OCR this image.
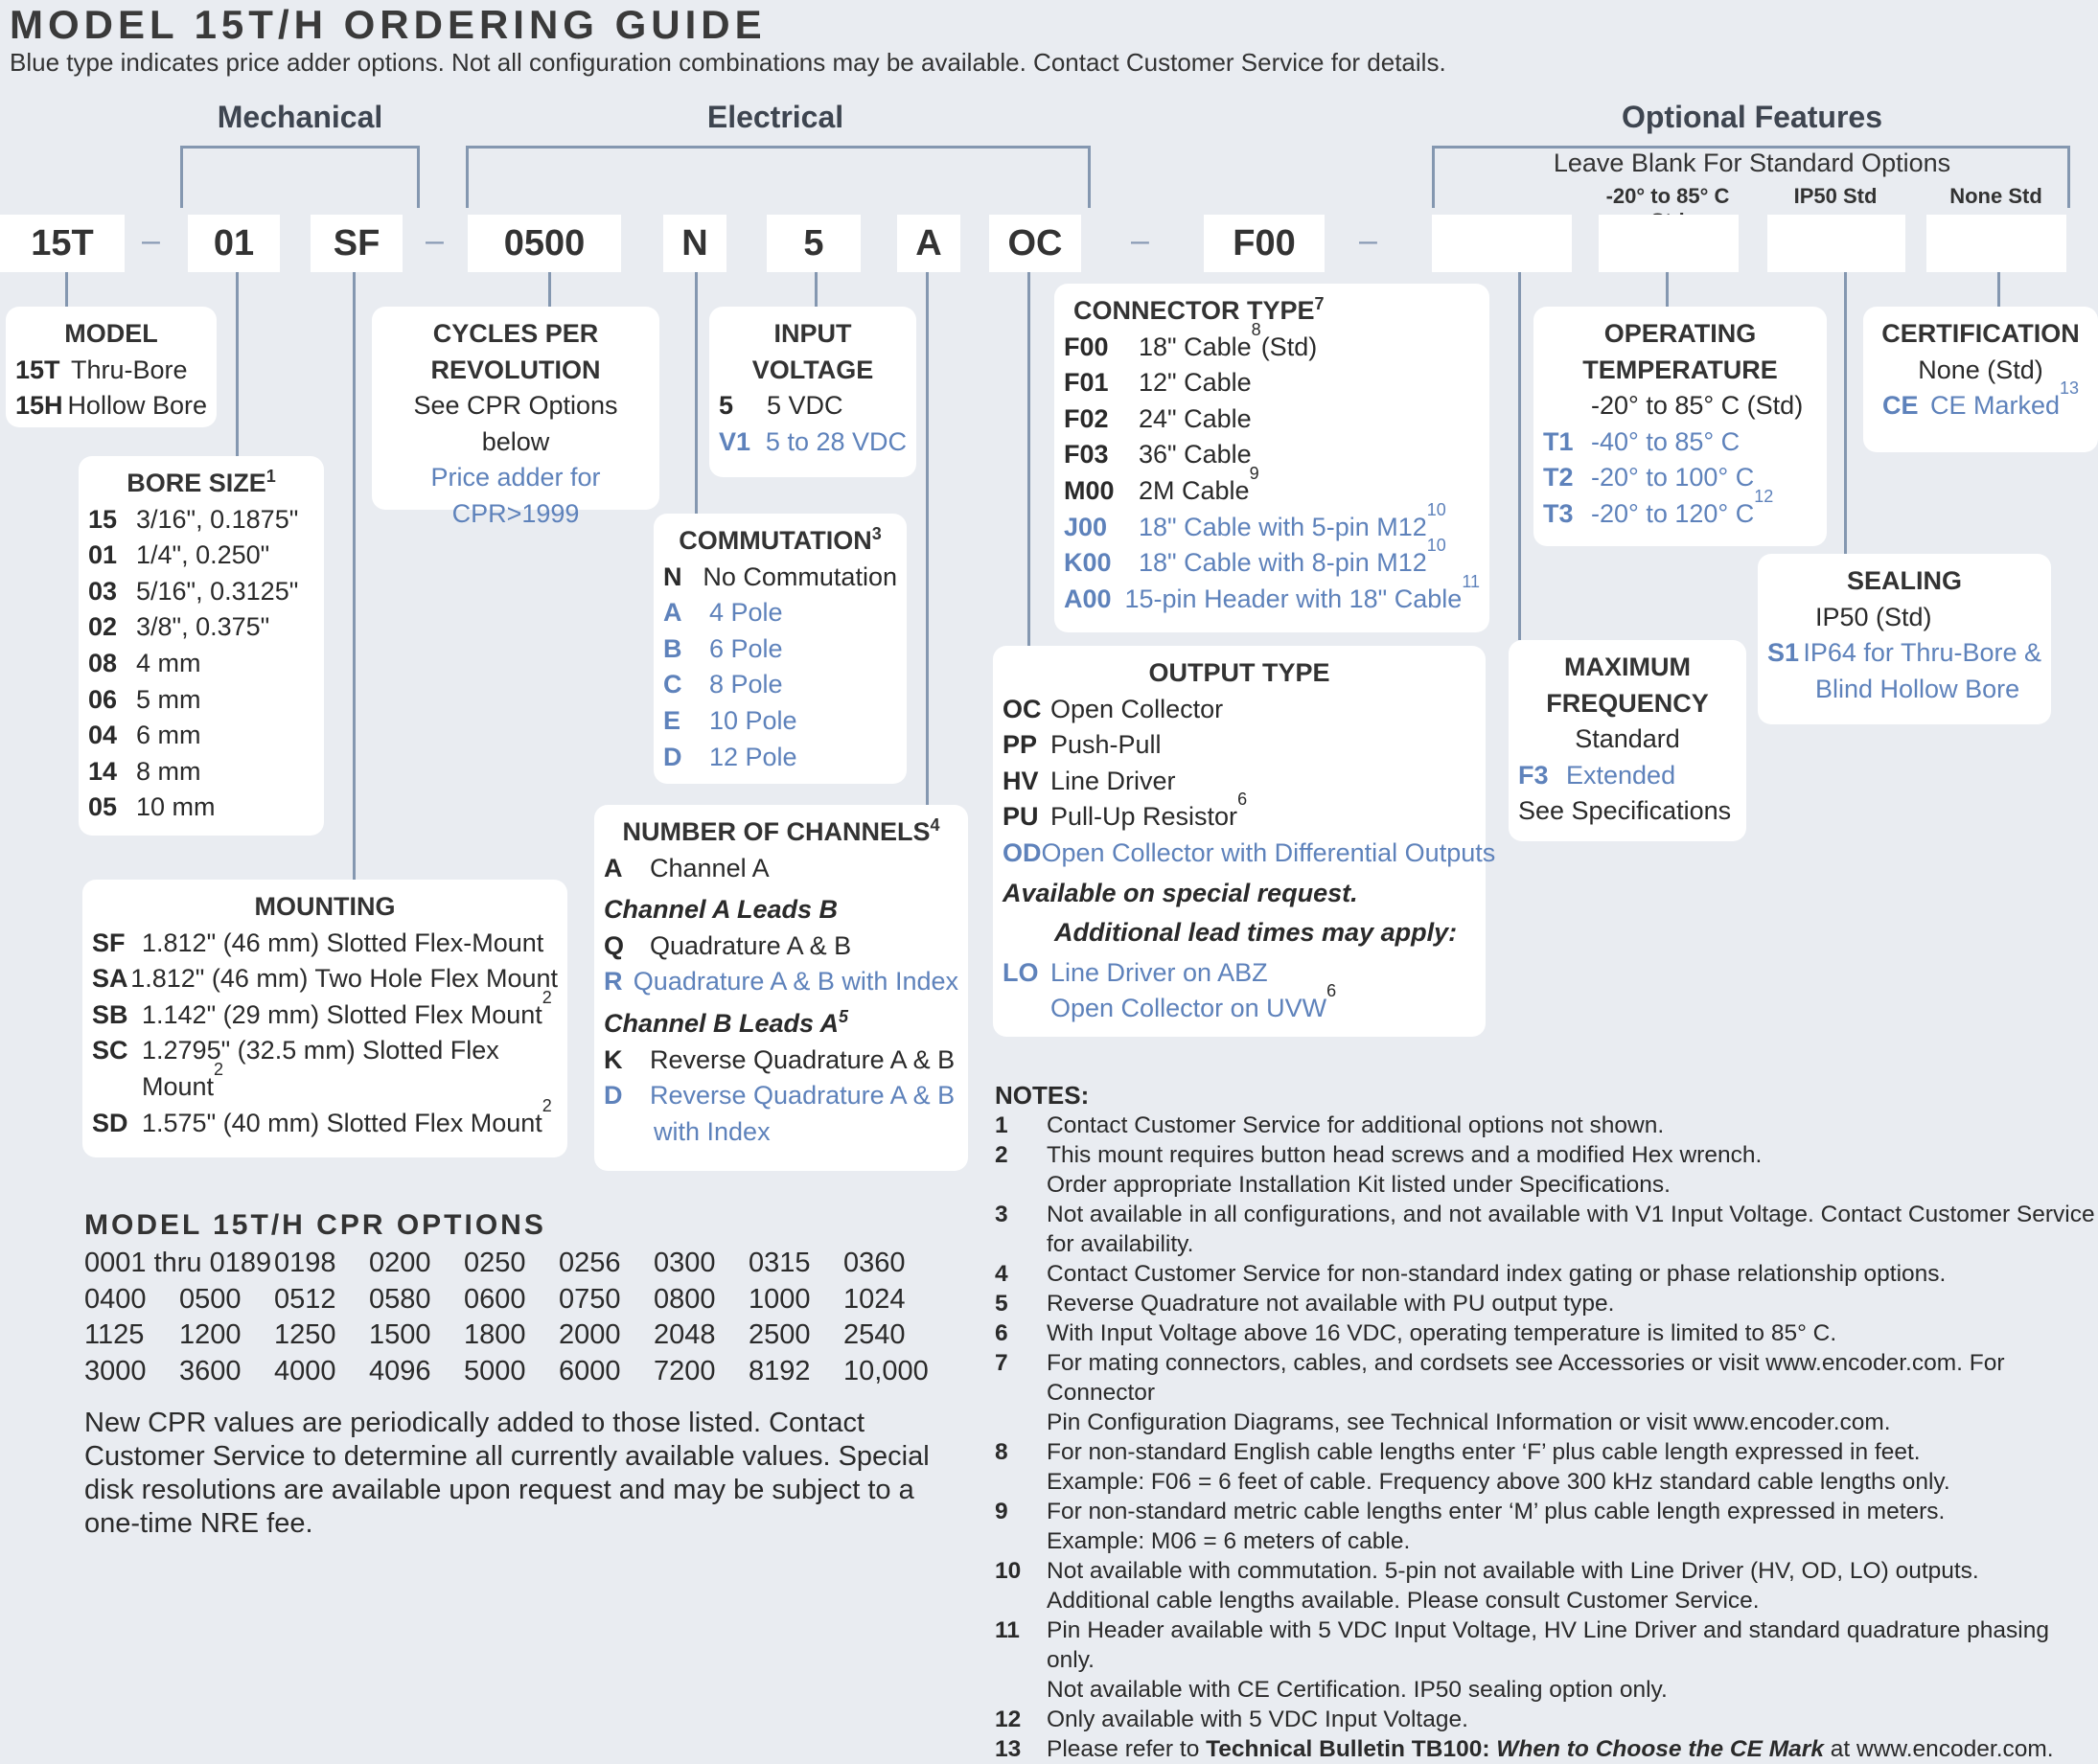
MODEL 15T/H ORDERING GUIDE
Blue type indicates price adder options. Not all configuration combinations may be available. Contact Customer Service for details.
Mechanical	Electrical	Optional Features
Leave Blank For Standard Options
-20° to 85° C	IP50 Std	None Std
15T	–	01	SF	–	0500	N	5	A	OC	–	F00	–
MODEL
15T Thru-Bore
15H Hollow Bore
BORE SIZE$^1$
15 3/16", 0.1875"
01 1/4", 0.250"
03 5/16", 0.3125"
02 3/8", 0.375"
08 4 mm
06 5 mm
04 6 mm
14 8 mm
05 10 mm
MOUNTING
SF 1.812" (46 mm) Slotted Flex-Mount
SA 1.812" (46 mm) Two Hole Flex Mount
SB 1.142" (29 mm) Slotted Flex Mount
2
SC 1.2795" (32.5 mm) Slotted Flex
Mount
2
SD 1.575" (40 mm) Slotted Flex Mount
2
CYCLES PER
REVOLUTION
See CPR Options below
Price adder for
CPR>1999
INPUT
VOLTAGE
5	5 VDC
V1 5 to 28 VDC
COMMUTATION$^3$
N No Commutation
A	4 Pole
B	6 Pole
C	8 Pole
E	10 Pole
D	12 Pole
NUMBER OF CHANNELS$^4$
A	Channel A
Channel A Leads B
Q Quadrature A & B
R Quadrature A & B with Index
Channel B Leads $A^5$
K	Reverse Quadrature A & B
D	Reverse Quadrature A & B
with Index
CONNECTOR TYPE$^7$
F00	18" Cable
8
(Std)
F01	12" Cable
F02	24" Cable
F03	36" Cable
M00 2M Cable
9
J00	18" Cable with 5-pin M12
10
K00	18" Cable with 8-pin M12
10
A00 15-pin Header with 18" Cable
11
OUTPUT TYPE
OC Open Collector
PP Push-Pull
HV Line Driver
PU Pull-Up Resistor
6
OD Open Collector with Differential Outputs
Available on special request.
Additional lead times may apply:
LO Line Driver on ABZ
Open Collector on UVW
6
MAXIMUM
FREQUENCY
Standard
F3 Extended
See Specifications
OPERATING
TEMPERATURE
-20° to 85° C (Std)
T1 -40° to 85° C
T2 -20° to 100° C
T3 -20° to 120° C
12
CERTIFICATION
None (Std)
CE CE Marked
13
SEALING
IP50 (Std)
S1 IP64 for Thru-Bore &
Blind Hollow Bore
MODEL 15T/H CPR OPTIONS
0001 thru 0189 0198	0200	0250	0256	0300	0315	0360
0400	0500	0512	0580	0600	0750	0800	1000	1024
1125	1200	1250	1500	1800	2000	2048	2500	2540
3000	3600	4000	4096	5000	6000	7200	8192	10,000
New CPR values are periodically added to those listed. Contact Customer Service to determine all currently available values. Special disk resolutions are available upon request and may be subject to a one-time NRE fee.
NOTES:
1	Contact Customer Service for additional options not shown.
2	This mount requires button head screws and a modified Hex wrench.
Order appropriate Installation Kit listed under Specifications.
3	Not available in all configurations, and not available with V1 Input Voltage. Contact Customer Service
for availability.
4	Contact Customer Service for non-standard index gating or phase relationship options.
5	Reverse Quadrature not available with PU output type.
6	With Input Voltage above 16 VDC, operating temperature is limited to 85° C.
7	For mating connectors, cables, and cordsets see Accessories or visit www.encoder.com. For Connector
Pin Configuration Diagrams, see Technical Information or visit www.encoder.com.
8	For non-standard English cable lengths enter ‘F’ plus cable length expressed in feet.
Example: F06 = 6 feet of cable. Frequency above 300 kHz standard cable lengths only.
9	For non-standard metric cable lengths enter ‘M’ plus cable length expressed in meters.
Example: M06 = 6 meters of cable.
10	Not available with commutation. 5-pin not available with Line Driver (HV, OD, LO) outputs.
Additional cable lengths available. Please consult Customer Service.
11	Pin Header available with 5 VDC Input Voltage, HV Line Driver and standard quadrature phasing only.
Not available with CE Certification. IP50 sealing option only.
12	Only available with 5 VDC Input Voltage.
13	Please refer to Technical Bulletin TB100: When to Choose the CE Mark at www.encoder.com.
